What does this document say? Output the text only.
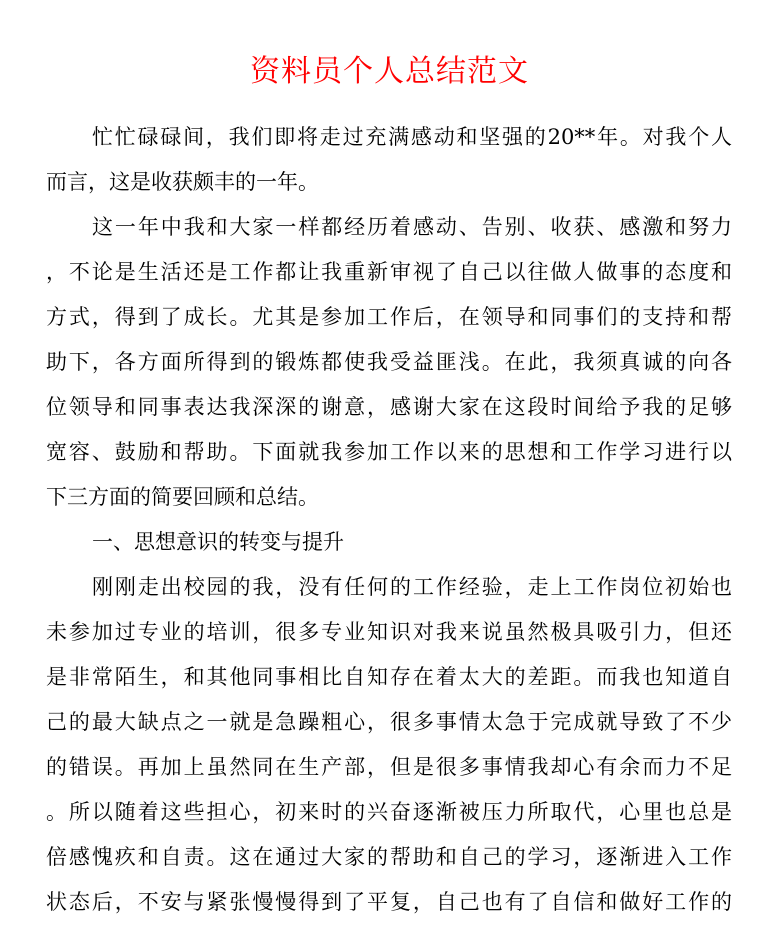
资料员个人总结范文
忙忙碌碌间，我们即将走过充满感动和坚强的20**年。对我个人
而言，这是收获颇丰的一年。
这一年中我和大家一样都经历着感动、告别、收获、感激和努力
，不论是生活还是工作都让我重新审视了自己以往做人做事的态度和
方式，得到了成长。尤其是参加工作后，在领导和同事们的支持和帮
助下，各方面所得到的锻炼都使我受益匪浅。在此，我须真诚的向各
位领导和同事表达我深深的谢意，感谢大家在这段时间给予我的足够
宽容、鼓励和帮助。下面就我参加工作以来的思想和工作学习进行以
下三方面的简要回顾和总结。
一、思想意识的转变与提升
刚刚走出校园的我，没有任何的工作经验，走上工作岗位初始也
未参加过专业的培训，很多专业知识对我来说虽然极具吸引力，但还
是非常陌生，和其他同事相比自知存在着太大的差距。而我也知道自
己的最大缺点之一就是急躁粗心，很多事情太急于完成就导致了不少
的错误。再加上虽然同在生产部，但是很多事情我却心有余而力不足
。所以随着这些担心，初来时的兴奋逐渐被压力所取代，心里也总是
倍感愧疚和自责。这在通过大家的帮助和自己的学习，逐渐进入工作
状态后，不安与紧张慢慢得到了平复，自己也有了自信和做好工作的
